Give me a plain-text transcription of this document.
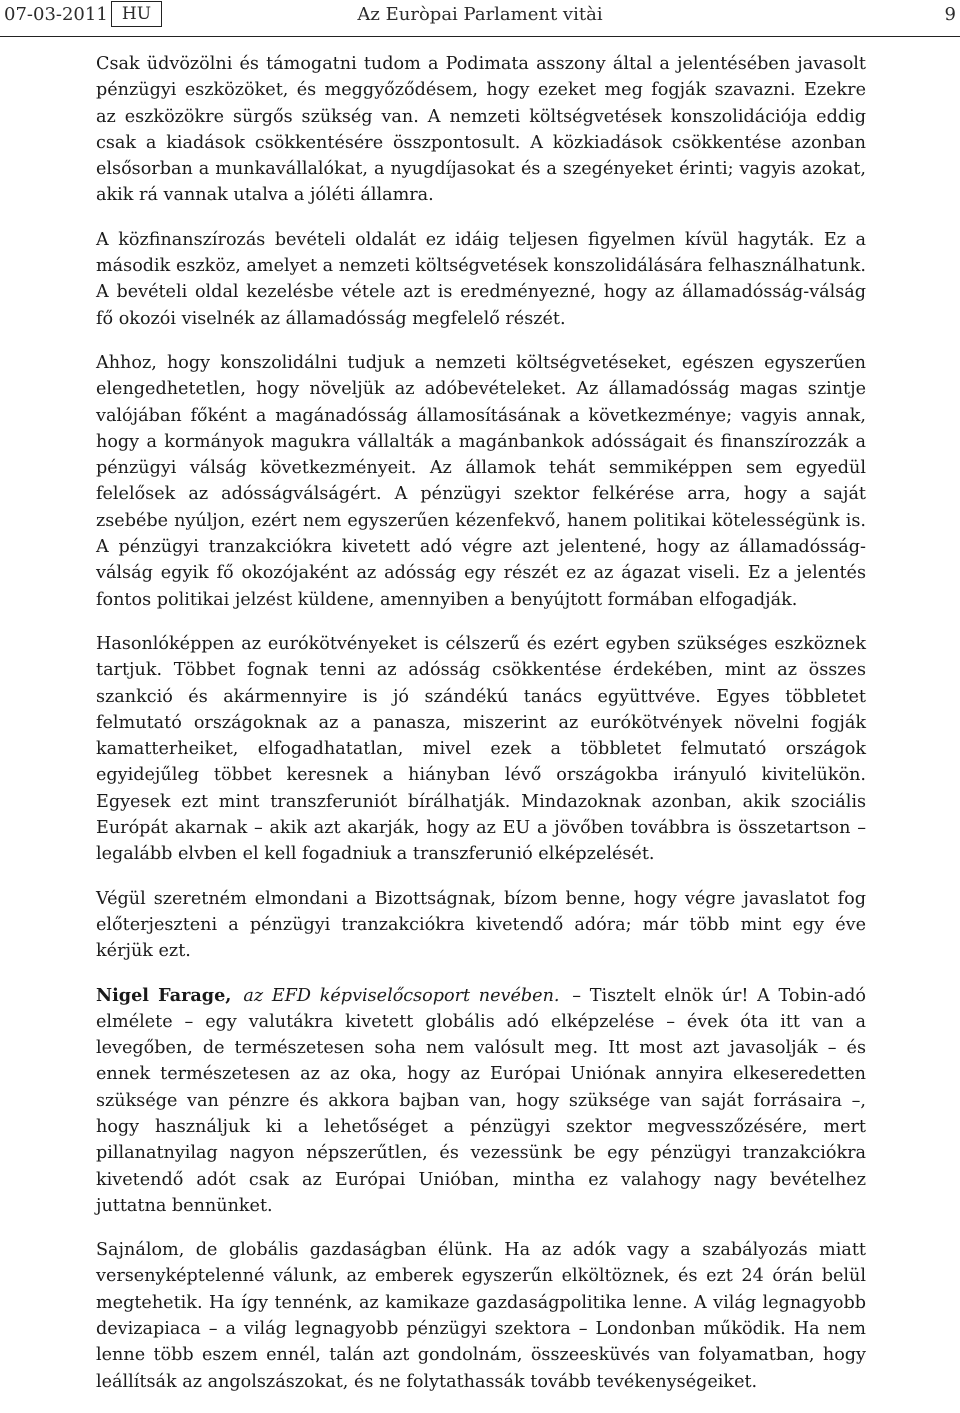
07-03-2011 HU	Az Euròpai Parlament vitài	9

Csak üdvözölni és támogatni tudom a Podimata asszony által a jelentésében javasolt pénzügyi eszközöket, és meggyőződésem, hogy ezeket meg fogják szavazni. Ezekre az eszközökre sürgős szükség van. A nemzeti költségvetések konszolidációja eddig csak a kiadások csökkentésére összpontosult. A közkiadások csökkentése azonban elsősorban a munkavállalókat, a nyugdíjasokat és a szegényeket érinti; vagyis azokat, akik rá vannak utalva a jóléti államra.

A közfinanszírozás bevételi oldalát ez idáig teljesen figyelmen kívül hagyták. Ez a második eszköz, amelyet a nemzeti költségvetések konszolidálására felhasználhatunk. A bevételi oldal kezelésbe vétele azt is eredményezné, hogy az államadósság-válság fő okozói viselnék az államadósság megfelelő részét.

Ahhoz, hogy konszolidálni tudjuk a nemzeti költségvetéseket, egészen egyszerűen elengedhetetlen, hogy növeljük az adóbevételeket. Az államadósság magas szintje valójában főként a magánadósság államosításának a következménye; vagyis annak, hogy a kormányok magukra vállalták a magánbankok adósságait és finanszírozzák a pénzügyi válság következményeit. Az államok tehát semmiképpen sem egyedül felelősek az adósságválságért. A pénzügyi szektor felkérése arra, hogy a saját zsebébe nyúljon, ezért nem egyszerűen kézenfekvő, hanem politikai kötelességünk is. A pénzügyi tranzakciókra kivetett adó végre azt jelentené, hogy az államadósság-válság egyik fő okozójaként az adósság egy részét ez az ágazat viseli. Ez a jelentés fontos politikai jelzést küldene, amennyiben a benyújtott formában elfogadják.

Hasonlóképpen az eurókötvényeket is célszerű és ezért egyben szükséges eszköznek tartjuk. Többet fognak tenni az adósság csökkentése érdekében, mint az összes szankció és akármennyire is jó szándékú tanács együttvéve. Egyes többletet felmutató országoknak az a panasza, miszerint az eurókötvények növelni fogják kamatterheiket, elfogadhatatlan, mivel ezek a többletet felmutató országok egyidejűleg többet keresnek a hiányban lévő országokba irányuló kivitelükön. Egyesek ezt mint transzferuniót bírálhatják. Mindazoknak azonban, akik szociális Európát akarnak – akik azt akarják, hogy az EU a jövőben továbbra is összetartson – legalább elvben el kell fogadniuk a transzferunió elképzelését.

Végül szeretném elmondani a Bizottságnak, bízom benne, hogy végre javaslatot fog előterjeszteni a pénzügyi tranzakciókra kivetendő adóra; már több mint egy éve kérjük ezt.

Nigel Farage, az EFD képviselőcsoport nevében. – Tisztelt elnök úr! A Tobin-adó elmélete – egy valutákra kivetett globális adó elképzelése – évek óta itt van a levegőben, de természetesen soha nem valósult meg. Itt most azt javasolják – és ennek természetesen az az oka, hogy az Európai Uniónak annyira elkeseredetten szüksége van pénzre és akkora bajban van, hogy szüksége van saját forrásaira –, hogy használjuk ki a lehetőséget a pénzügyi szektor megvesszőzésére, mert pillanatnyilag nagyon népszerűtlen, és vezessünk be egy pénzügyi tranzakciókra kivetendő adót csak az Európai Unióban, mintha ez valahogy nagy bevételhez juttatna bennünket.

Sajnálom, de globális gazdaságban élünk. Ha az adók vagy a szabályozás miatt versenyképtelenné válunk, az emberek egyszerűn elköltöznek, és ezt 24 órán belül megtehetik. Ha így tennénk, az kamikaze gazdaságpolitika lenne. A világ legnagyobb devizapiaca – a világ legnagyobb pénzügyi szektora – Londonban működik. Ha nem lenne több eszem ennél, talán azt gondolnám, összeesküvés van folyamatban, hogy leállítsák az angolszászokat, és ne folytathassák tovább tevékenységeiket.
